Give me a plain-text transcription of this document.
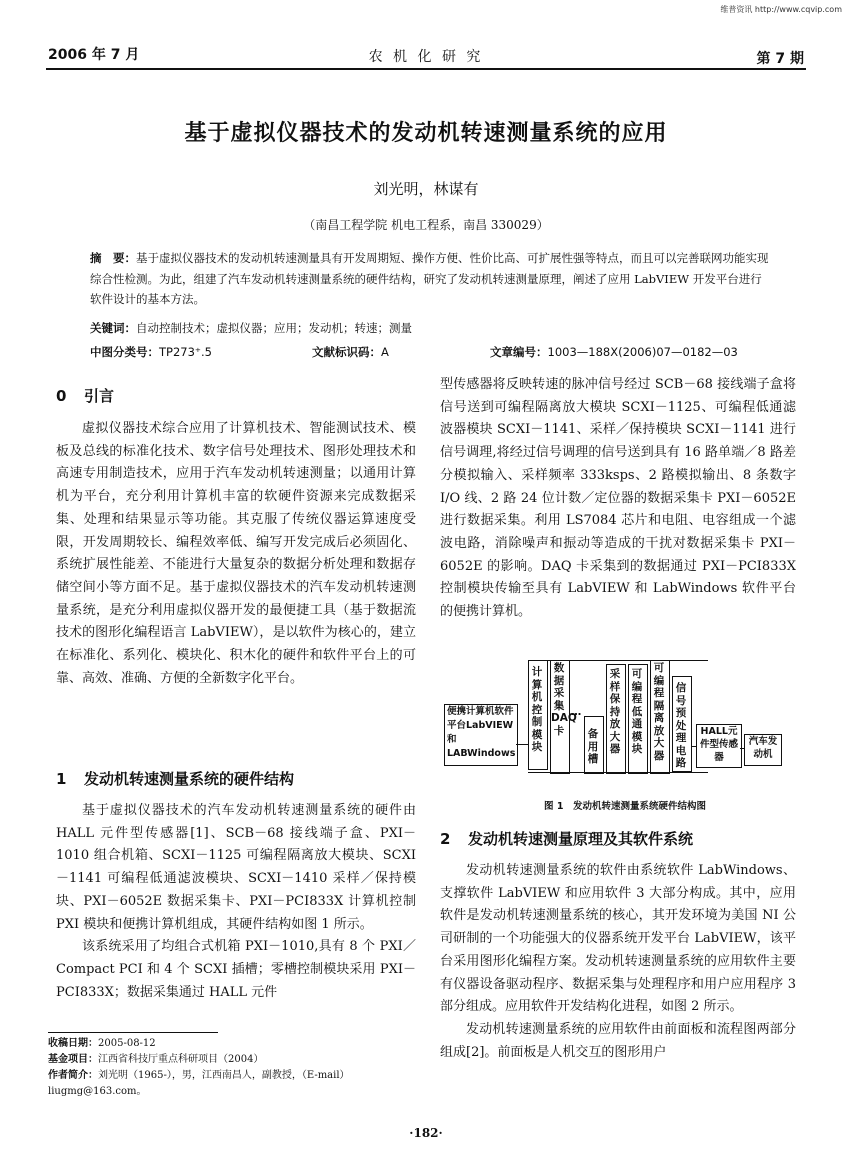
维普资讯 http://www.cqvip.com
2006 年 7 月	农 机 化 研 究	第 7 期
基于虚拟仪器技术的发动机转速测量系统的应用
刘光明，林谋有
（南昌工程学院 机电工程系，南昌 330029）
摘　要：基于虚拟仪器技术的发动机转速测量具有开发周期短、操作方便、性价比高、可扩展性强等特点，而且可以完善联网功能实现综合性检测。为此，组建了汽车发动机转速测量系统的硬件结构，研究了发动机转速测量原理，阐述了应用 LabVIEW 开发平台进行软件设计的基本方法。
关键词：自动控制技术；虚拟仪器；应用；发动机；转速；测量
中图分类号：TP273⁺.5	文献标识码：A	文章编号：1003—188X(2006)07—0182—03
0 引言

虚拟仪器技术综合应用了计算机技术、智能测试技术、模板及总线的标准化技术、数字信号处理技术、图形处理技术和高速专用制造技术，应用于汽车发动机转速测量；以通用计算机为平台，充分利用计算机丰富的软硬件资源来完成数据采集、处理和结果显示等功能。其克服了传统仪器运算速度受限，开发周期较长、编程效率低、编写开发完成后必须固化、系统扩展性能差、不能进行大量复杂的数据分析处理和数据存储空间小等方面不足。基于虚拟仪器技术的汽车发动机转速测量系统，是充分利用虚拟仪器开发的最便捷工具（基于数据流技术的图形化编程语言 LabVIEW），是以软件为核心的，建立在标准化、系列化、模块化、积木化的硬件和软件平台上的可靠、高效、准确、方便的全新数字化平台。

1 发动机转速测量系统的硬件结构

基于虚拟仪器技术的汽车发动机转速测量系统的硬件由 HALL 元件型传感器[1]、SCB－68 接线端子盒、PXI－1010 组合机箱、SCXI－1125 可编程隔离放大模块、SCXI－1141 可编程低通滤波模块、SCXI－1410 采样／保持模块、PXI－6052E 数据采集卡、PXI－PCI833X 计算机控制 PXI 模块和便携计算机组成，其硬件结构如图 1 所示。

该系统采用了均组合式机箱 PXI－1010,具有 8 个 PXI／Compact PCI 和 4 个 SCXI 插槽；零槽控制模块采用 PXI－PCI833X；数据采集通过 HALL 元件

收稿日期：2005-08-12
基金项目：江西省科技厅重点科研项目（2004）
作者简介：刘光明（1965-），男，江西南昌人，副教授，（E-mail）liugmg@163.com。

型传感器将反映转速的脉冲信号经过 SCB－68 接线端子盒将信号送到可编程隔离放大模块 SCXI－1125、可编程低通滤波器模块 SCXI－1141、采样／保持模块 SCXI－1141 进行信号调理,将经过信号调理的信号送到具有 16 路单端／8 路差分模拟输入、采样频率 333ksps、2 路模拟输出、8 条数字 I/O 线、2 路 24 位计数／定位器的数据采集卡 PXI－6052E 进行数据采集。利用 LS7084 芯片和电阻、电容组成一个滤波电路，消除噪声和振动等造成的干扰对数据采集卡 PXI－6052E 的影响。DAQ 卡采集到的数据通过 PXI－PCI833X 控制模块传输至具有 LabVIEW 和 LabWindows 软件平台的便携计算机。

便携计算机软件平台LabVIEW和LABWindows
计算机控制模块
数据采集DAQ卡
…
备用槽
采样保持放大器
可编程低通模块
可编程隔离放大器
信号预处理电路
HALL元件型传感器
汽车发动机
图 1　发动机转速测量系统硬件结构图
2 发动机转速测量原理及其软件系统

发动机转速测量系统的软件由系统软件 LabWindows、支撑软件 LabVIEW 和应用软件 3 大部分构成。其中，应用软件是发动机转速测量系统的核心，其开发环境为美国 NI 公司研制的一个功能强大的仪器系统开发平台 LabVIEW，该平台采用图形化编程方案。发动机转速测量系统的应用软件主要有仪器设备驱动程序、数据采集与处理程序和用户应用程序 3 部分组成。应用软件开发结构化进程，如图 2 所示。

发动机转速测量系统的应用软件由前面板和流程图两部分组成[2]。前面板是人机交互的图形用户

·182·
